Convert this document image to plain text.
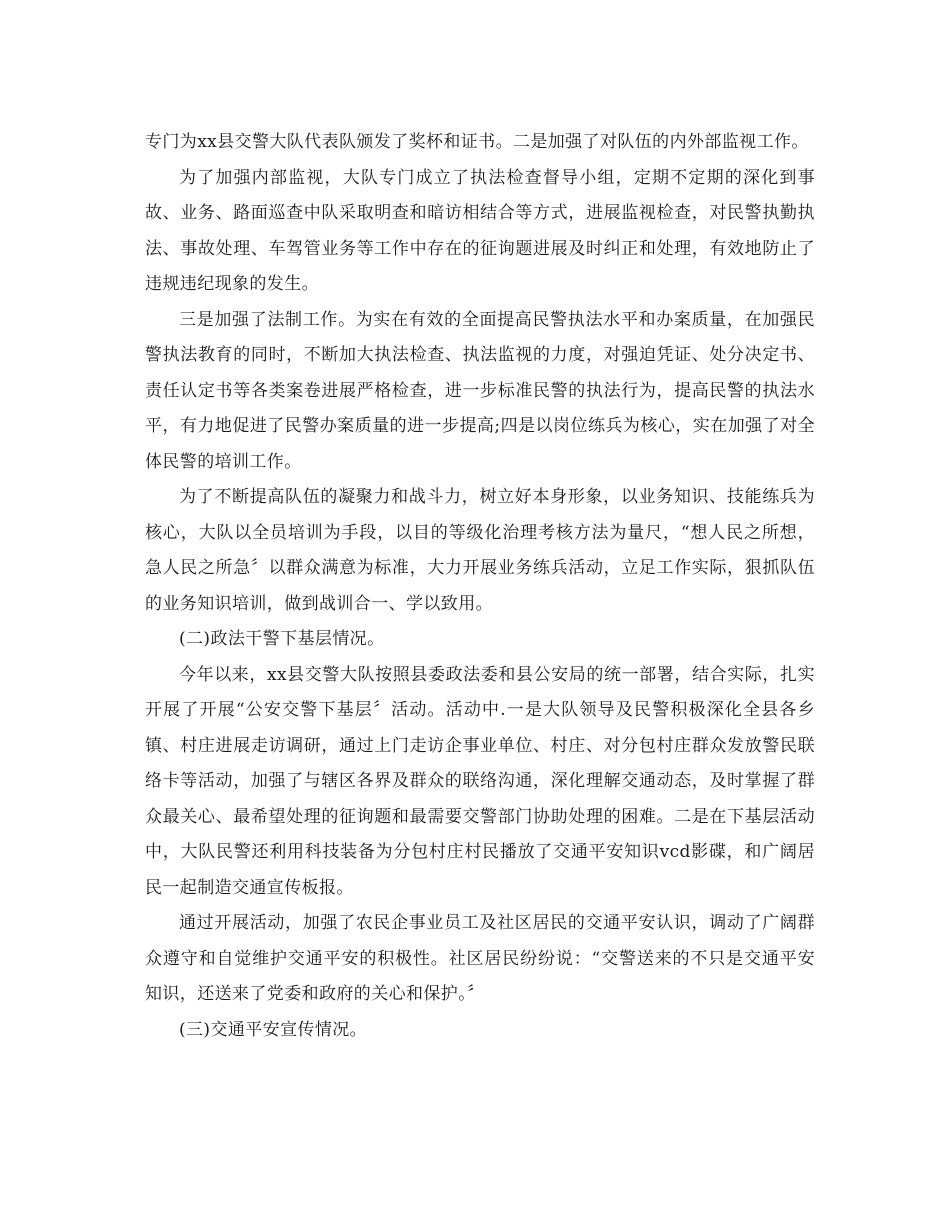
专门为xx县交警大队代表队颁发了奖杯和证书。二是加强了对队伍的内外部监视工作。

为了加强内部监视，大队专门成立了执法检查督导小组，定期不定期的深化到事故、业务、路面巡查中队采取明查和暗访相结合等方式，进展监视检查，对民警执勤执法、事故处理、车驾管业务等工作中存在的征询题进展及时纠正和处理，有效地防止了违规违纪现象的发生。

三是加强了法制工作。为实在有效的全面提高民警执法水平和办案质量，在加强民警执法教育的同时，不断加大执法检查、执法监视的力度，对强迫凭证、处分决定书、责任认定书等各类案卷进展严格检查，进一步标准民警的执法行为，提高民警的执法水平，有力地促进了民警办案质量的进一步提高;四是以岗位练兵为核心，实在加强了对全体民警的培训工作。

为了不断提高队伍的凝聚力和战斗力，树立好本身形象，以业务知识、技能练兵为核心，大队以全员培训为手段，以目的等级化治理考核方法为量尺，“想人民之所想，急人民之所急〞以群众满意为标准，大力开展业务练兵活动，立足工作实际，狠抓队伍的业务知识培训，做到战训合一、学以致用。

(二)政法干警下基层情况。

今年以来，xx县交警大队按照县委政法委和县公安局的统一部署，结合实际，扎实开展了开展“公安交警下基层〞活动。活动中.一是大队领导及民警积极深化全县各乡镇、村庄进展走访调研，通过上门走访企事业单位、村庄、对分包村庄群众发放警民联络卡等活动，加强了与辖区各界及群众的联络沟通，深化理解交通动态，及时掌握了群众最关心、最希望处理的征询题和最需要交警部门协助处理的困难。二是在下基层活动中，大队民警还利用科技装备为分包村庄村民播放了交通平安知识vcd影碟，和广阔居民一起制造交通宣传板报。

通过开展活动，加强了农民企事业员工及社区居民的交通平安认识，调动了广阔群众遵守和自觉维护交通平安的积极性。社区居民纷纷说：“交警送来的不只是交通平安知识，还送来了党委和政府的关心和保护。〞

(三)交通平安宣传情况。
